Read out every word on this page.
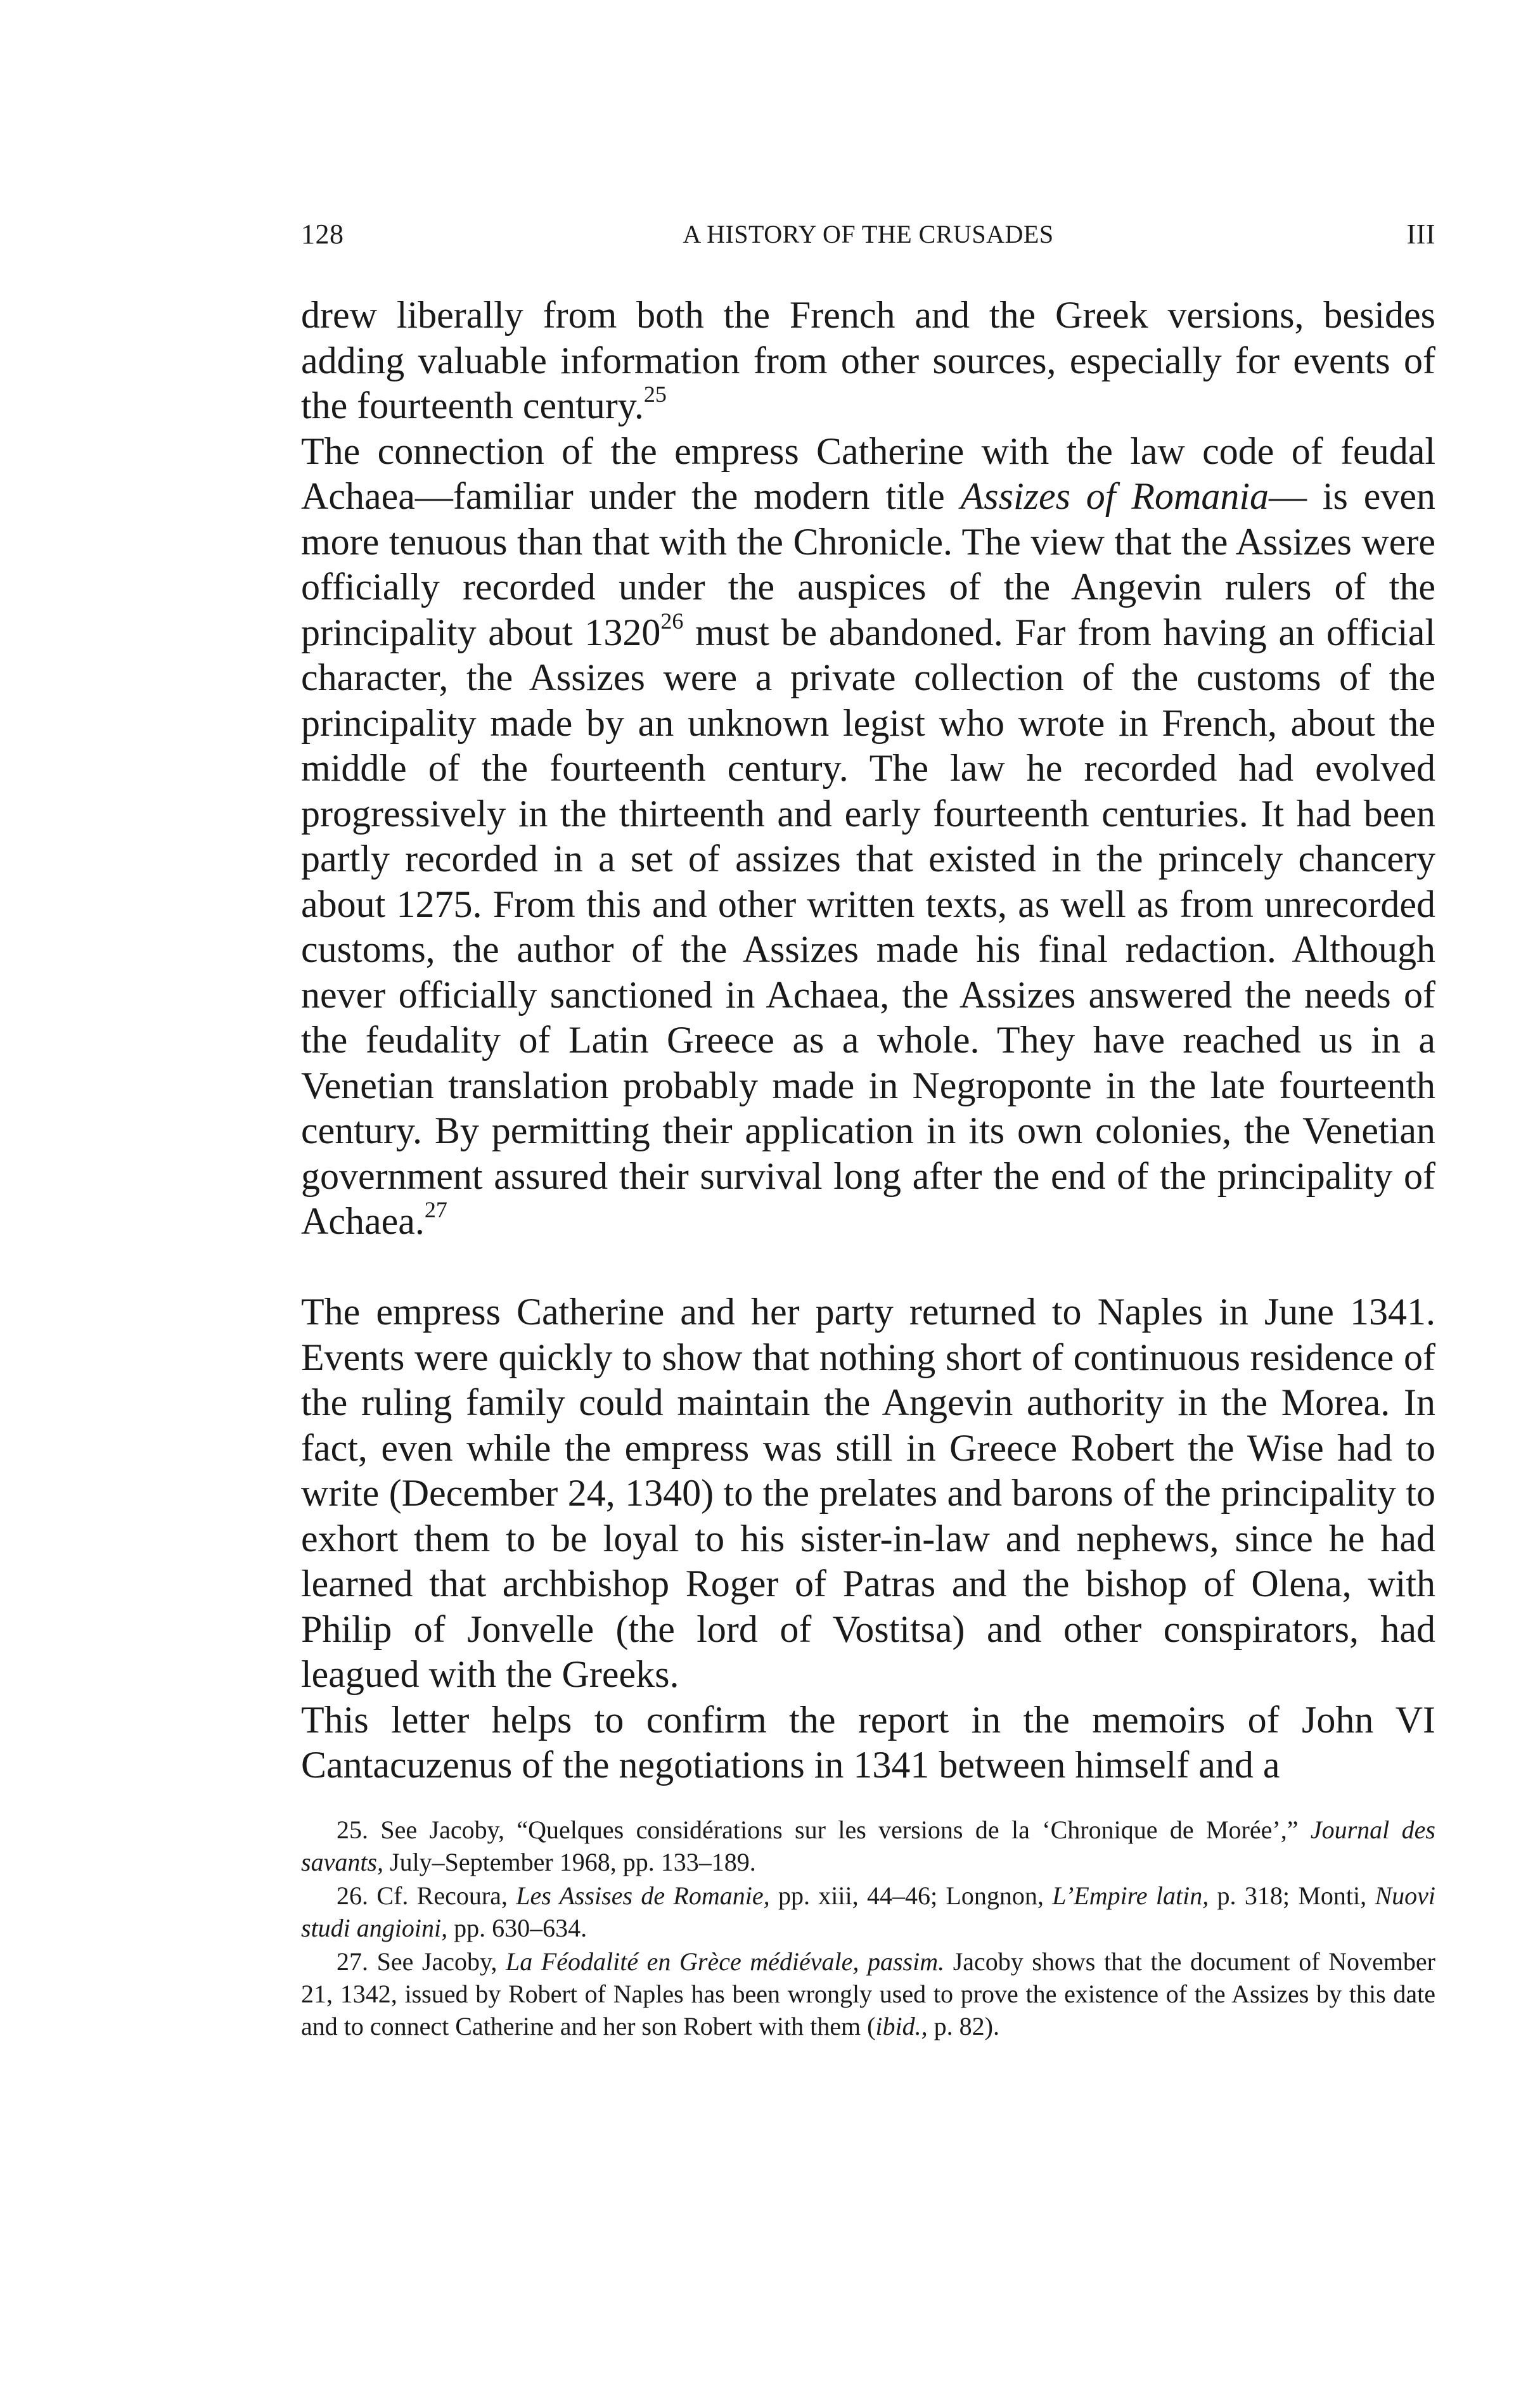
128	A HISTORY OF THE CRUSADES	III

drew liberally from both the French and the Greek versions, besides adding valuable information from other sources, especially for events of the fourteenth century.$^{25}$

The connection of the empress Catherine with the law code of feudal Achaea—familiar under the modern title Assizes of Romania— is even more tenuous than that with the Chronicle. The view that the Assizes were officially recorded under the auspices of the Angevin rulers of the principality about 1320$^{26}$ must be abandoned. Far from having an official character, the Assizes were a private collection of the customs of the principality made by an unknown legist who wrote in French, about the middle of the fourteenth century. The law he recorded had evolved progressively in the thirteenth and early fourteenth centuries. It had been partly recorded in a set of assizes that existed in the princely chancery about 1275. From this and other written texts, as well as from unrecorded customs, the author of the Assizes made his final redaction. Although never officially sanctioned in Achaea, the Assizes answered the needs of the feudality of Latin Greece as a whole. They have reached us in a Venetian translation probably made in Negroponte in the late fourteenth century. By permitting their application in its own colonies, the Venetian government assured their survival long after the end of the principality of Achaea.$^{27}$

The empress Catherine and her party returned to Naples in June 1341. Events were quickly to show that nothing short of continuous residence of the ruling family could maintain the Angevin authority in the Morea. In fact, even while the empress was still in Greece Robert the Wise had to write (December 24, 1340) to the prelates and barons of the principality to exhort them to be loyal to his sister-in-law and nephews, since he had learned that archbishop Roger of Patras and the bishop of Olena, with Philip of Jonvelle (the lord of Vostitsa) and other conspirators, had leagued with the Greeks.

This letter helps to confirm the report in the memoirs of John VI Cantacuzenus of the negotiations in 1341 between himself and a

25. See Jacoby, “Quelques considérations sur les versions de la ‘Chronique de Morée’,” Journal des savants, July–September 1968, pp. 133–189.

26. Cf. Recoura, Les Assises de Romanie, pp. xiii, 44–46; Longnon, L’Empire latin, p. 318; Monti, Nuovi studi angioini, pp. 630–634.

27. See Jacoby, La Féodalité en Grèce médiévale, passim. Jacoby shows that the document of November 21, 1342, issued by Robert of Naples has been wrongly used to prove the existence of the Assizes by this date and to connect Catherine and her son Robert with them (ibid., p. 82).
